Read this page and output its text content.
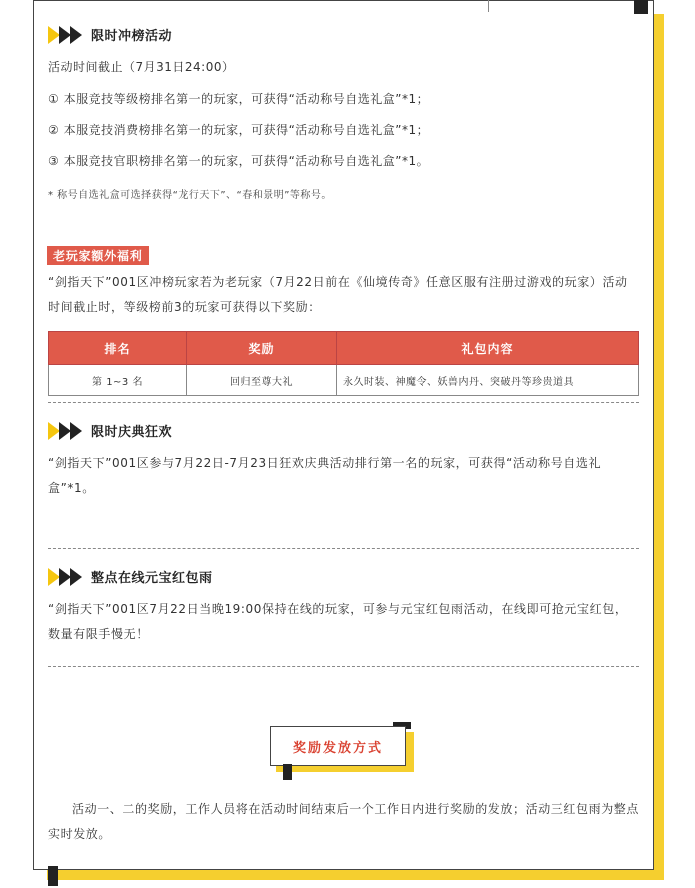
限时冲榜活动
活动时间截止（7月31日24:00）
① 本服竞技等级榜排名第一的玩家，可获得“活动称号自选礼盒”*1；
② 本服竞技消费榜排名第一的玩家，可获得“活动称号自选礼盒”*1；
③ 本服竞技官职榜排名第一的玩家，可获得“活动称号自选礼盒”*1。
* 称号自选礼盒可选择获得“龙行天下”、“春和景明”等称号。
老玩家额外福利
“剑指天下”001区冲榜玩家若为老玩家（7月22日前在《仙境传奇》任意区服有注册过游戏的玩家）活动时间截止时，等级榜前3的玩家可获得以下奖励：
排名	奖励	礼包内容
第 1~3 名	回归至尊大礼	永久时装、神魔令、妖兽内丹、突破丹等珍贵道具
限时庆典狂欢
“剑指天下”001区参与7月22日-7月23日狂欢庆典活动排行第一名的玩家，可获得“活动称号自选礼盒”*1。
整点在线元宝红包雨
“剑指天下”001区7月22日当晚19:00保持在线的玩家，可参与元宝红包雨活动，在线即可抢元宝红包，数量有限手慢无！
奖励发放方式
活动一、二的奖励，工作人员将在活动时间结束后一个工作日内进行奖励的发放；活动三红包雨为整点实时发放。
